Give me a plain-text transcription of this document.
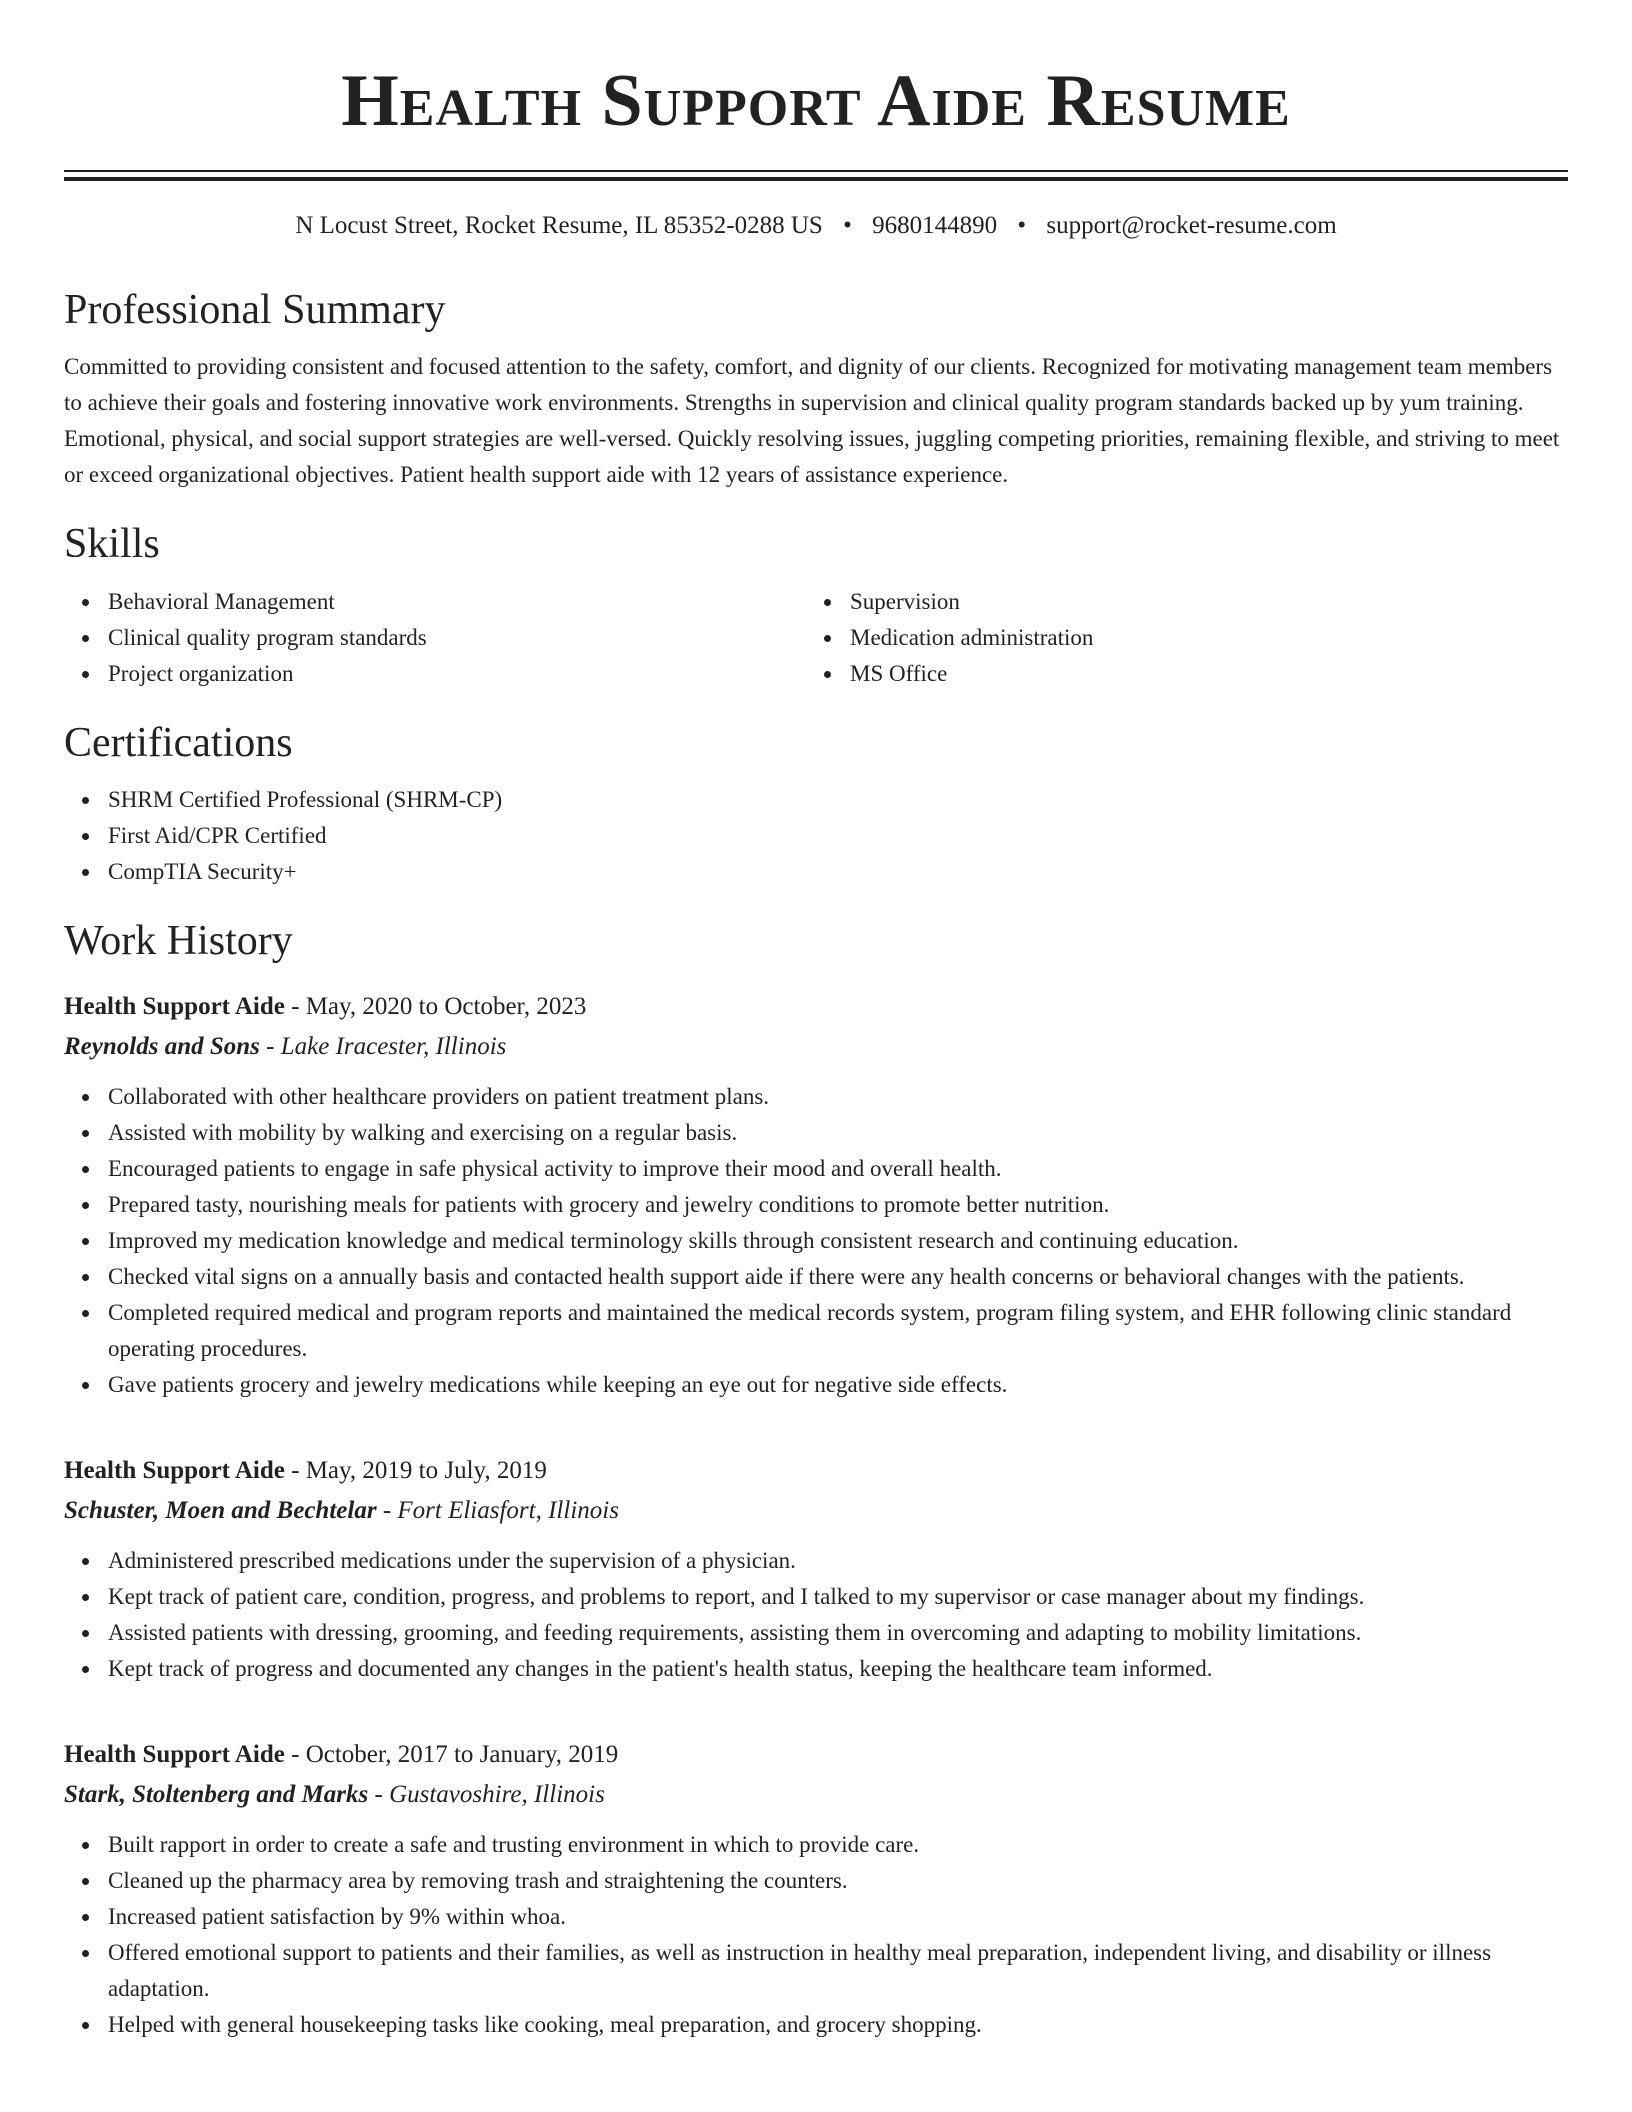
Health Support Aide Resume
N Locust Street, Rocket Resume, IL 85352-0288 US • 9680144890 • support@rocket-resume.com
Professional Summary

Committed to providing consistent and focused attention to the safety, comfort, and dignity of our clients. Recognized for motivating management team members to achieve their goals and fostering innovative work environments. Strengths in supervision and clinical quality program standards backed up by yum training. Emotional, physical, and social support strategies are well-versed. Quickly resolving issues, juggling competing priorities, remaining flexible, and striving to meet or exceed organizational objectives. Patient health support aide with 12 years of assistance experience.

Skills
Behavioral Management
Clinical quality program standards
Project organization
Supervision
Medication administration
MS Office
Certifications
SHRM Certified Professional (SHRM-CP)
First Aid/CPR Certified
CompTIA Security+
Work History
Health Support Aide - May, 2020 to October, 2023
Reynolds and Sons - Lake Iracester, Illinois
Collaborated with other healthcare providers on patient treatment plans.
Assisted with mobility by walking and exercising on a regular basis.
Encouraged patients to engage in safe physical activity to improve their mood and overall health.
Prepared tasty, nourishing meals for patients with grocery and jewelry conditions to promote better nutrition.
Improved my medication knowledge and medical terminology skills through consistent research and continuing education.
Checked vital signs on a annually basis and contacted health support aide if there were any health concerns or behavioral changes with the patients.
Completed required medical and program reports and maintained the medical records system, program filing system, and EHR following clinic standard operating procedures.
Gave patients grocery and jewelry medications while keeping an eye out for negative side effects.
Health Support Aide - May, 2019 to July, 2019
Schuster, Moen and Bechtelar - Fort Eliasfort, Illinois
Administered prescribed medications under the supervision of a physician.
Kept track of patient care, condition, progress, and problems to report, and I talked to my supervisor or case manager about my findings.
Assisted patients with dressing, grooming, and feeding requirements, assisting them in overcoming and adapting to mobility limitations.
Kept track of progress and documented any changes in the patient's health status, keeping the healthcare team informed.
Health Support Aide - October, 2017 to January, 2019
Stark, Stoltenberg and Marks - Gustavoshire, Illinois
Built rapport in order to create a safe and trusting environment in which to provide care.
Cleaned up the pharmacy area by removing trash and straightening the counters.
Increased patient satisfaction by 9% within whoa.
Offered emotional support to patients and their families, as well as instruction in healthy meal preparation, independent living, and disability or illness adaptation.
Helped with general housekeeping tasks like cooking, meal preparation, and grocery shopping.
